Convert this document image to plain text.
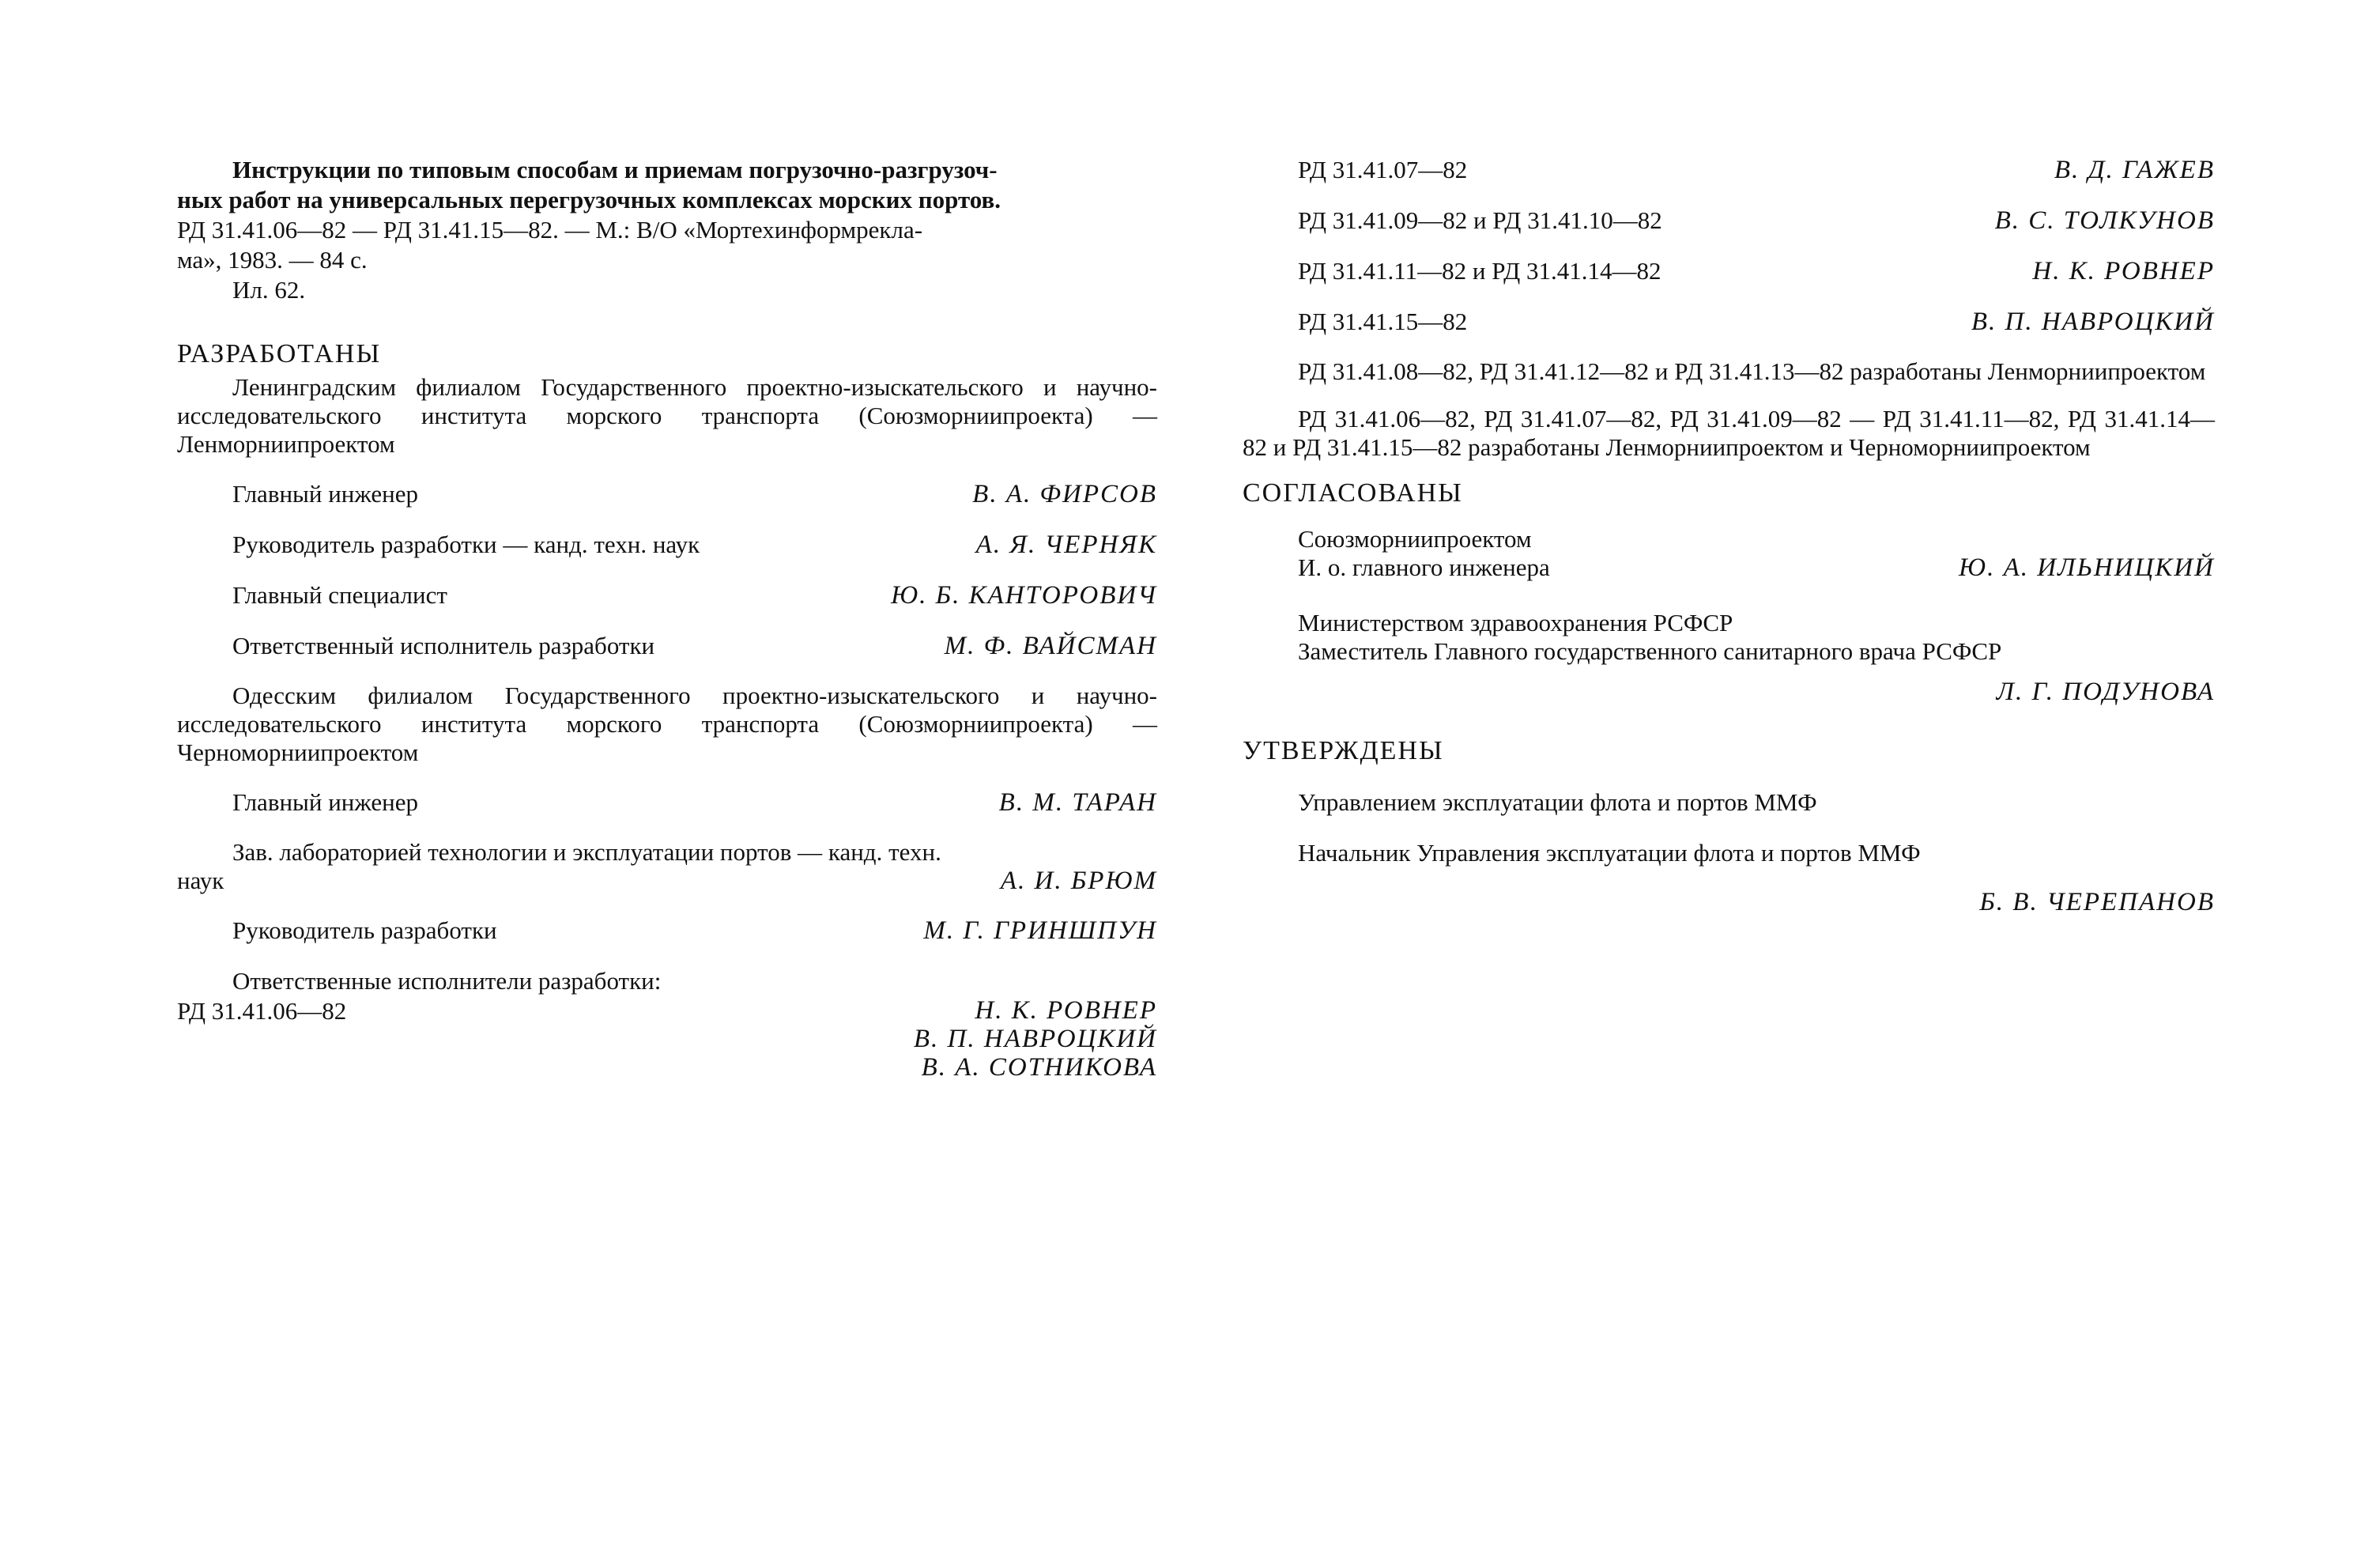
Инструкции по типовым способам и приемам погрузочно-разгрузоч-
ных работ на универсальных перегрузочных комплексах морских портов.
РД 31.41.06—82 — РД 31.41.15—82. — М.: В/О «Мортехинформрекла-
ма», 1983. — 84 с.
Ил. 62.
РАЗРАБОТАНЫ
Ленинградским филиалом Государственного проектно-изыскательского и научно-исследовательского института морского транспорта (Союзморниипроекта) — Ленморниипроектом
Главный инженер	В. А. ФИРСОВ
Руководитель разработки — канд. техн. наук	А. Я. ЧЕРНЯК
Главный специалист	Ю. Б. КАНТОРОВИЧ
Ответственный исполнитель разработки	М. Ф. ВАЙСМАН
Одесским филиалом Государственного проектно-изыскательского и научно-исследовательского института морского транспорта (Союзморниипроекта) — Черноморниипроектом
Главный инженер	В. М. ТАРАН
Зав. лабораторией технологии и эксплуатации портов — канд. техн.
наук	А. И. БРЮМ
Руководитель разработки	М. Г. ГРИНШПУН
Ответственные исполнители разработки:
РД 31.41.06—82	Н. К. РОВНЕР
В. П. НАВРОЦКИЙ
В. А. СОТНИКОВА
РД 31.41.07—82	В. Д. ГАЖЕВ
РД 31.41.09—82 и РД 31.41.10—82	В. С. ТОЛКУНОВ
РД 31.41.11—82 и РД 31.41.14—82	Н. К. РОВНЕР
РД 31.41.15—82	В. П. НАВРОЦКИЙ
РД 31.41.08—82, РД 31.41.12—82 и РД 31.41.13—82 разработаны Ленморниипроектом
РД 31.41.06—82, РД 31.41.07—82, РД 31.41.09—82 — РД 31.41.11—82, РД 31.41.14—82 и РД 31.41.15—82 разработаны Ленморниипроектом и Черноморниипроектом
СОГЛАСОВАНЫ
Союзморниипроектом
И. о. главного инженера	Ю. А. ИЛЬНИЦКИЙ
Министерством здравоохранения РСФСР
Заместитель Главного государственного санитарного врача РСФСР
Л. Г. ПОДУНОВА
УТВЕРЖДЕНЫ
Управлением эксплуатации флота и портов ММФ
Начальник Управления эксплуатации флота и портов ММФ
Б. В. ЧЕРЕПАНОВ
